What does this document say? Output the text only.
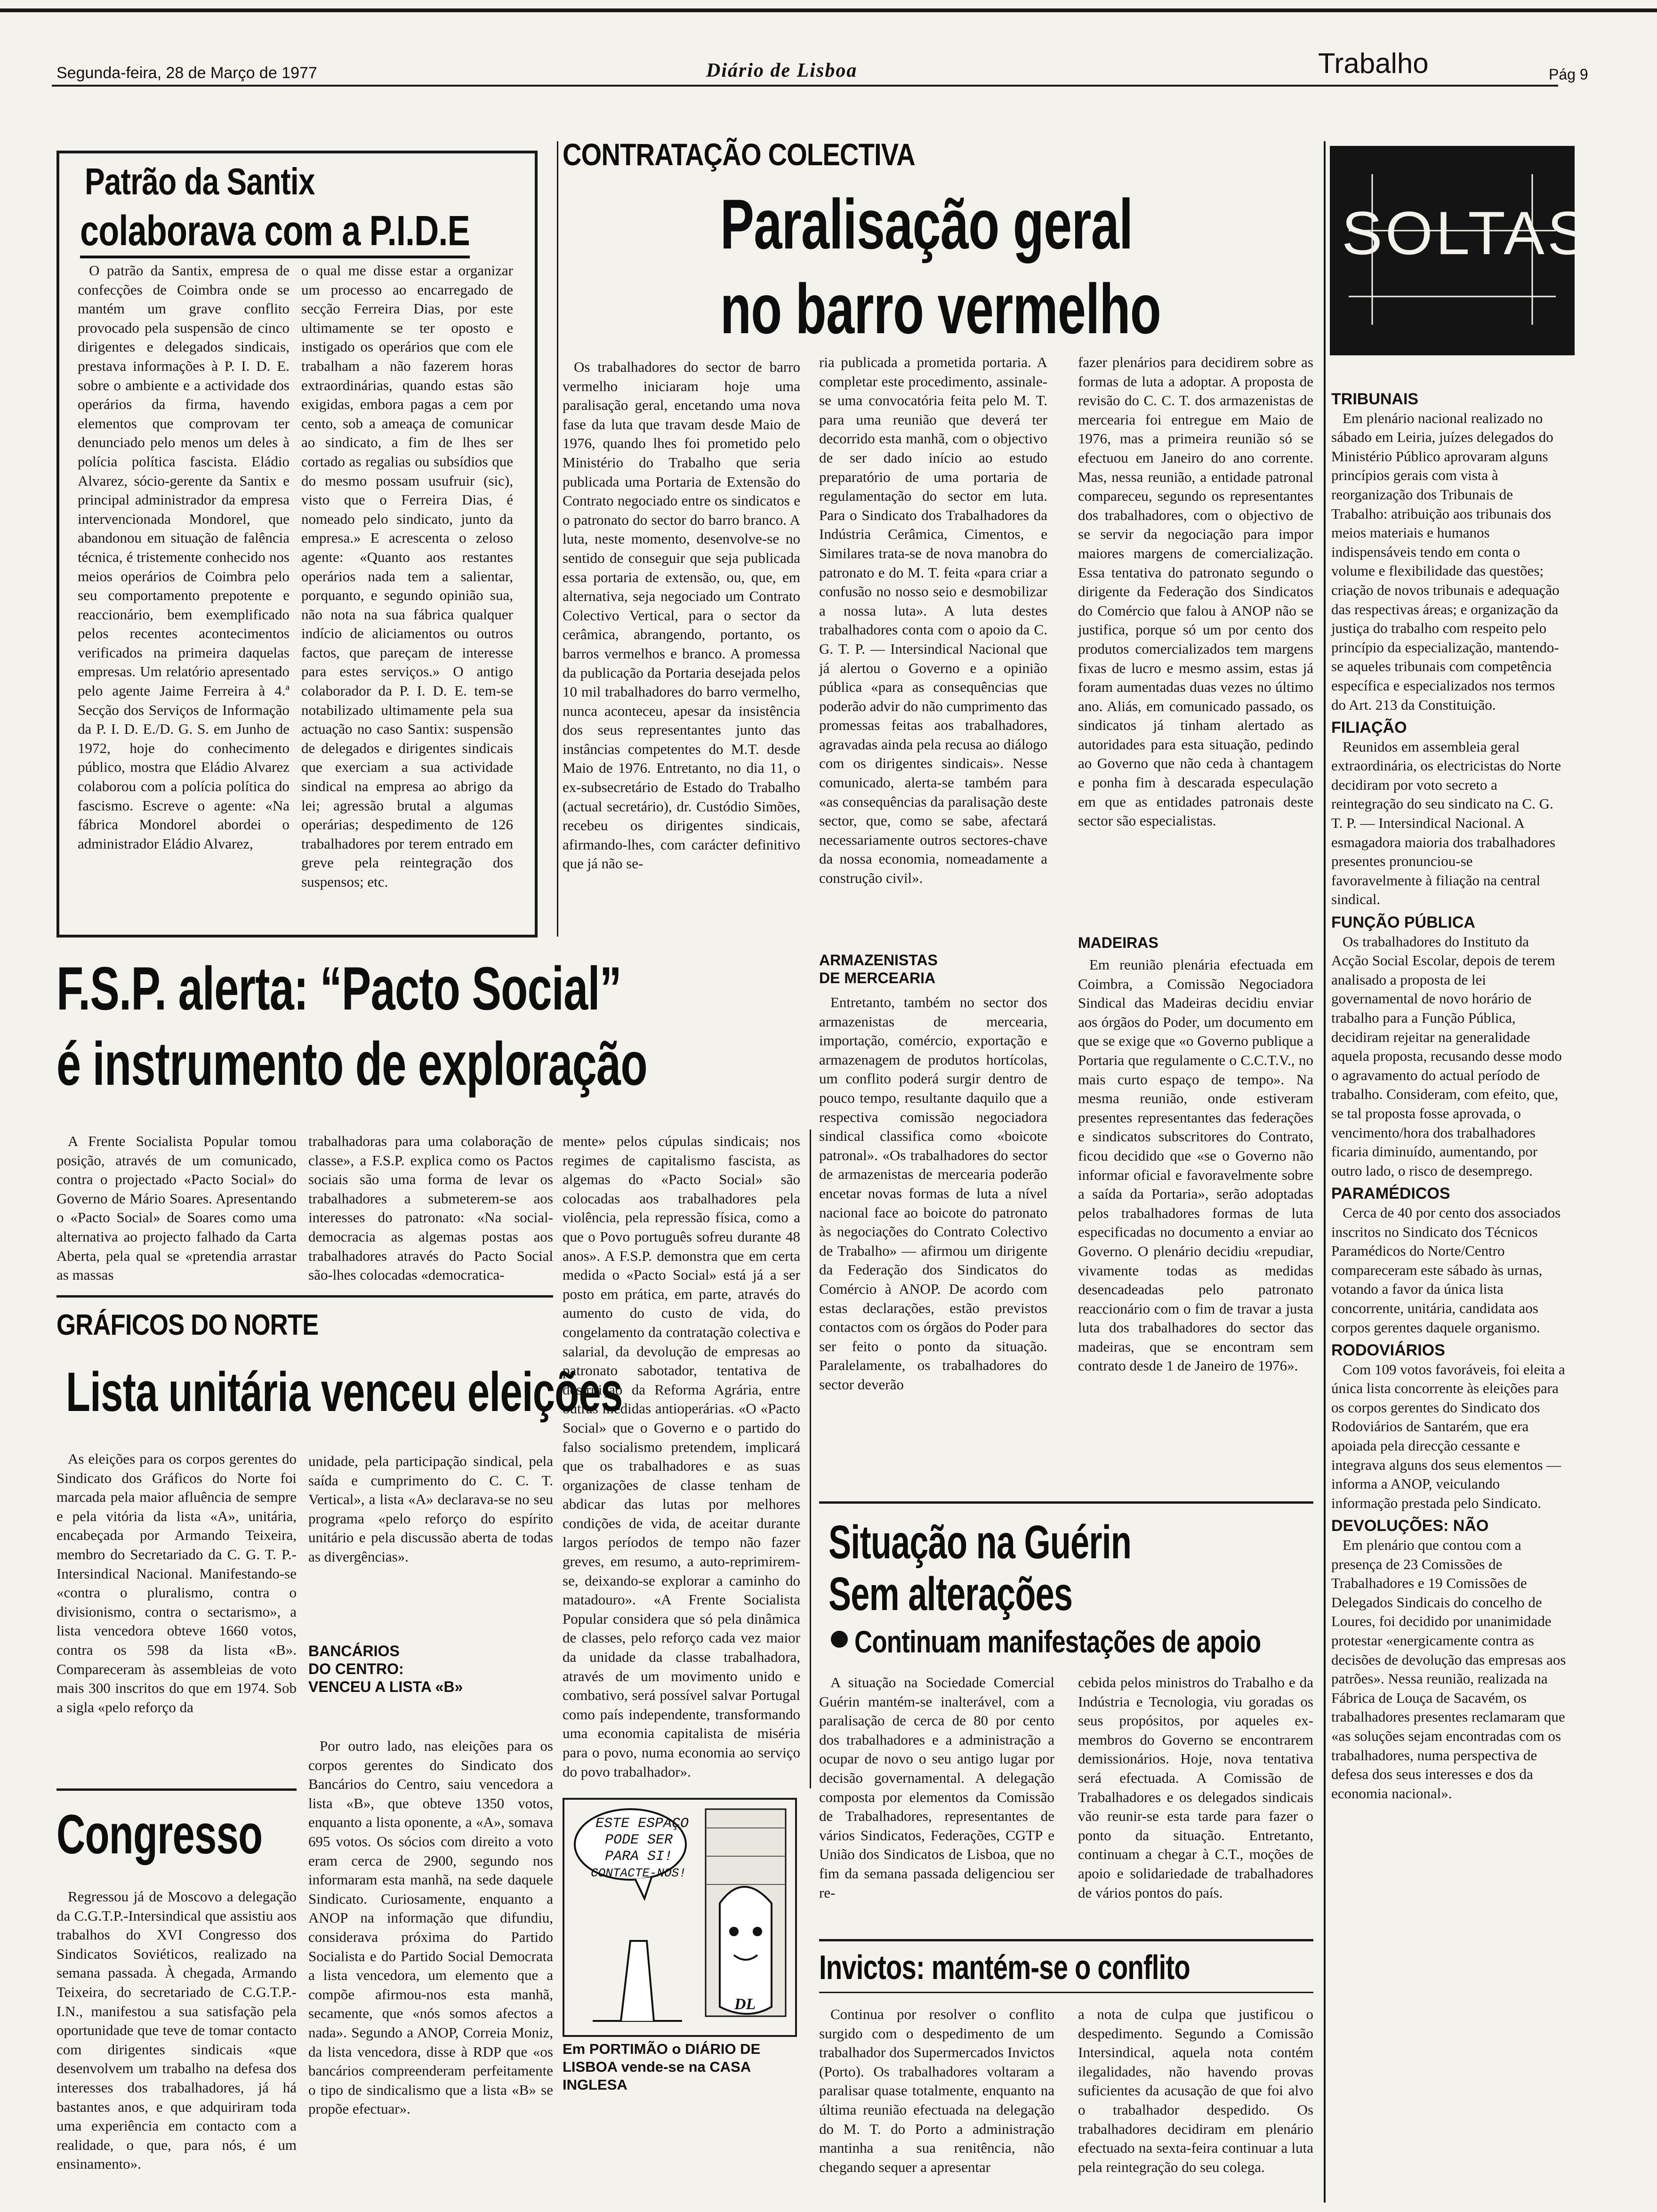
Segunda-feira, 28 de Março de 1977	Diário de Lisboa	Trabalho	Pág 9
Patrão da Santix
colaborava com a P.I.D.E
O patrão da Santix, empresa de confecções de Coimbra onde se mantém um grave conflito provocado pela suspensão de cinco dirigentes e delegados sindicais, prestava informações à P. I. D. E. sobre o ambiente e a actividade dos operários da firma, havendo elementos que comprovam ter denunciado pelo menos um deles à polícia política fascista. Eládio Alvarez, sócio-gerente da Santix e principal administrador da empresa intervencionada Mondorel, que abandonou em situação de falência técnica, é tristemente conhecido nos meios operários de Coimbra pelo seu comportamento prepotente e reaccionário, bem exemplificado pelos recentes acontecimentos verificados na primeira daquelas empresas. Um relatório apresentado pelo agente Jaime Ferreira à 4.ª Secção dos Serviços de Informação da P. I. D. E./D. G. S. em Junho de 1972, hoje do conhecimento público, mostra que Eládio Alvarez colaborou com a polícia política do fascismo. Escreve o agente: «Na fábrica Mondorel abordei o administrador Eládio Alvarez,
o qual me disse estar a organizar um processo ao encarregado de secção Ferreira Dias, por este ultimamente se ter oposto e instigado os operários que com ele trabalham a não fazerem horas extraordinárias, quando estas são exigidas, embora pagas a cem por cento, sob a ameaça de comunicar ao sindicato, a fim de lhes ser cortado as regalias ou subsídios que do mesmo possam usufruir (sic), visto que o Ferreira Dias, é nomeado pelo sindicato, junto da empresa.» E acrescenta o zeloso agente: «Quanto aos restantes operários nada tem a salientar, porquanto, e segundo opinião sua, não nota na sua fábrica qualquer indício de aliciamentos ou outros factos, que pareçam de interesse para estes serviços.» O antigo colaborador da P. I. D. E. tem-se notabilizado ultimamente pela sua actuação no caso Santix: suspensão de delegados e dirigentes sindicais que exerciam a sua actividade sindical na empresa ao abrigo da lei; agressão brutal a algumas operárias; despedimento de 126 trabalhadores por terem entrado em greve pela reintegração dos suspensos; etc.
CONTRATAÇÃO COLECTIVA
Paralisação geral
no barro vermelho
Os trabalhadores do sector de barro vermelho iniciaram hoje uma paralisação geral, encetando uma nova fase da luta que travam desde Maio de 1976, quando lhes foi prometido pelo Ministério do Trabalho que seria publicada uma Portaria de Extensão do Contrato negociado entre os sindicatos e o patronato do sector do barro branco. A luta, neste momento, desenvolve-se no sentido de conseguir que seja publicada essa portaria de extensão, ou, que, em alternativa, seja negociado um Contrato Colectivo Vertical, para o sector da cerâmica, abrangendo, portanto, os barros vermelhos e branco. A promessa da publicação da Portaria desejada pelos 10 mil trabalhadores do barro vermelho, nunca aconteceu, apesar da insistência dos seus representantes junto das instâncias competentes do M.T. desde Maio de 1976. Entretanto, no dia 11, o ex-subsecretário de Estado do Trabalho (actual secretário), dr. Custódio Simões, recebeu os dirigentes sindicais, afirmando-lhes, com carácter definitivo que já não se-
ria publicada a prometida portaria. A completar este procedimento, assinale-se uma convocatória feita pelo M. T. para uma reunião que deverá ter decorrido esta manhã, com o objectivo de ser dado início ao estudo preparatório de uma portaria de regulamentação do sector em luta. Para o Sindicato dos Trabalhadores da Indústria Cerâmica, Cimentos, e Similares trata-se de nova manobra do patronato e do M. T. feita «para criar a confusão no nosso seio e desmobilizar a nossa luta». A luta destes trabalhadores conta com o apoio da C. G. T. P. — Intersindical Nacional que já alertou o Governo e a opinião pública «para as consequências que poderão advir do não cumprimento das promessas feitas aos trabalhadores, agravadas ainda pela recusa ao diálogo com os dirigentes sindicais». Nesse comunicado, alerta-se também para «as consequências da paralisação deste sector, que, como se sabe, afectará necessariamente outros sectores-chave da nossa economia, nomeadamente a construção civil».
ARMAZENISTAS
DE MERCEARIA
Entretanto, também no sector dos armazenistas de mercearia, importação, comércio, exportação e armazenagem de produtos hortícolas, um conflito poderá surgir dentro de pouco tempo, resultante daquilo que a respectiva comissão negociadora sindical classifica como «boicote patronal». «Os trabalhadores do sector de armazenistas de mercearia poderão encetar novas formas de luta a nível nacional face ao boicote do patronato às negociações do Contrato Colectivo de Trabalho» — afirmou um dirigente da Federação dos Sindicatos do Comércio à ANOP. De acordo com estas declarações, estão previstos contactos com os órgãos do Poder para ser feito o ponto da situação. Paralelamente, os trabalhadores do sector deverão
fazer plenários para decidirem sobre as formas de luta a adoptar. A proposta de revisão do C. C. T. dos armazenistas de mercearia foi entregue em Maio de 1976, mas a primeira reunião só se efectuou em Janeiro do ano corrente. Mas, nessa reunião, a entidade patronal compareceu, segundo os representantes dos trabalhadores, com o objectivo de se servir da negociação para impor maiores margens de comercialização. Essa tentativa do patronato segundo o dirigente da Federação dos Sindicatos do Comércio que falou à ANOP não se justifica, porque só um por cento dos produtos comercializados tem margens fixas de lucro e mesmo assim, estas já foram aumentadas duas vezes no último ano. Aliás, em comunicado passado, os sindicatos já tinham alertado as autoridades para esta situação, pedindo ao Governo que não ceda à chantagem e ponha fim à descarada especulação em que as entidades patronais deste sector são especialistas.
MADEIRAS
Em reunião plenária efectuada em Coimbra, a Comissão Negociadora Sindical das Madeiras decidiu enviar aos órgãos do Poder, um documento em que se exige que «o Governo publique a Portaria que regulamente o C.C.T.V., no mais curto espaço de tempo». Na mesma reunião, onde estiveram presentes representantes das federações e sindicatos subscritores do Contrato, ficou decidido que «se o Governo não informar oficial e favoravelmente sobre a saída da Portaria», serão adoptadas pelos trabalhadores formas de luta especificadas no documento a enviar ao Governo. O plenário decidiu «repudiar, vivamente todas as medidas desencadeadas pelo patronato reaccionário com o fim de travar a justa luta dos trabalhadores do sector das madeiras, que se encontram sem contrato desde 1 de Janeiro de 1976».
F.S.P. alerta: “Pacto Social”
é instrumento de exploração
A Frente Socialista Popular tomou posição, através de um comunicado, contra o projectado «Pacto Social» do Governo de Mário Soares. Apresentando o «Pacto Social» de Soares como uma alternativa ao projecto falhado da Carta Aberta, pela qual se «pretendia arrastar as massas
trabalhadoras para uma colaboração de classe», a F.S.P. explica como os Pactos sociais são uma forma de levar os trabalhadores a submeterem-se aos interesses do patronato: «Na social-democracia as algemas postas aos trabalhadores através do Pacto Social são-lhes colocadas «democratica-
mente» pelos cúpulas sindicais; nos regimes de capitalismo fascista, as algemas do «Pacto Social» são colocadas aos trabalhadores pela violência, pela repressão física, como a que o Povo português sofreu durante 48 anos». A F.S.P. demonstra que em certa medida o «Pacto Social» está já a ser posto em prática, em parte, através do aumento do custo de vida, do congelamento da contratação colectiva e salarial, da devolução de empresas ao patronato sabotador, tentativa de destruição da Reforma Agrária, entre outras medidas antioperárias. «O «Pacto Social» que o Governo e o partido do falso socialismo pretendem, implicará que os trabalhadores e as suas organizações de classe tenham de abdicar das lutas por melhores condições de vida, de aceitar durante largos períodos de tempo não fazer greves, em resumo, a auto-reprimirem-se, deixando-se explorar a caminho do matadouro». «A Frente Socialista Popular considera que só pela dinâmica de classes, pelo reforço cada vez maior da unidade da classe trabalhadora, através de um movimento unido e combativo, será possível salvar Portugal como país independente, transformando uma economia capitalista de miséria para o povo, numa economia ao serviço do povo trabalhador».
GRÁFICOS DO NORTE
Lista unitária venceu eleições
As eleições para os corpos gerentes do Sindicato dos Gráficos do Norte foi marcada pela maior afluência de sempre e pela vitória da lista «A», unitária, encabeçada por Armando Teixeira, membro do Secretariado da C. G. T. P.-Intersindical Nacional. Manifestando-se «contra o pluralismo, contra o divisionismo, contra o sectarismo», a lista vencedora obteve 1660 votos, contra os 598 da lista «B». Compareceram às assembleias de voto mais 300 inscritos do que em 1974. Sob a sigla «pelo reforço da
unidade, pela participação sindical, pela saída e cumprimento do C. C. T. Vertical», a lista «A» declarava-se no seu programa «pelo reforço do espírito unitário e pela discussão aberta de todas as divergências».
BANCÁRIOS
DO CENTRO:
VENCEU A LISTA «B»
Por outro lado, nas eleições para os corpos gerentes do Sindicato dos Bancários do Centro, saiu vencedora a lista «B», que obteve 1350 votos, enquanto a lista oponente, a «A», somava 695 votos. Os sócios com direito a voto eram cerca de 2900, segundo nos informaram esta manhã, na sede daquele Sindicato. Curiosamente, enquanto a ANOP na informação que difundiu, considerava próxima do Partido Socialista e do Partido Social Democrata a lista vencedora, um elemento que a compõe afirmou-nos esta manhã, secamente, que «nós somos afectos a nada». Segundo a ANOP, Correia Moniz, da lista vencedora, disse à RDP que «os bancários compreenderam perfeitamente o tipo de sindicalismo que a lista «B» se propõe efectuar».
Congresso
Regressou já de Moscovo a delegação da C.G.T.P.-Intersindical que assistiu aos trabalhos do XVI Congresso dos Sindicatos Soviéticos, realizado na semana passada. À chegada, Armando Teixeira, do secretariado de C.G.T.P.-I.N., manifestou a sua satisfação pela oportunidade que teve de tomar contacto com dirigentes sindicais «que desenvolvem um trabalho na defesa dos interesses dos trabalhadores, já há bastantes anos, e que adquiriram toda uma experiência em contacto com a realidade, o que, para nós, é um ensinamento».
ESTE ESPAÇO
PODE SER
PARA SI!
CONTACTE-NOS!
DL
Em PORTIMÃO o DIÁRIO DE LISBOA vende-se na CASA INGLESA
Situação na Guérin
Sem alterações
Continuam manifestações de apoio
A situação na Sociedade Comercial Guérin mantém-se inalterável, com a paralisação de cerca de 80 por cento dos trabalhadores e a administração a ocupar de novo o seu antigo lugar por decisão governamental. A delegação composta por elementos da Comissão de Trabalhadores, representantes de vários Sindicatos, Federações, CGTP e União dos Sindicatos de Lisboa, que no fim da semana passada deligenciou ser re-
cebida pelos ministros do Trabalho e da Indústria e Tecnologia, viu goradas os seus propósitos, por aqueles ex-membros do Governo se encontrarem demissionários. Hoje, nova tentativa será efectuada. A Comissão de Trabalhadores e os delegados sindicais vão reunir-se esta tarde para fazer o ponto da situação. Entretanto, continuam a chegar à C.T., moções de apoio e solidariedade de trabalhadores de vários pontos do país.
Invictos: mantém-se o conflito
Continua por resolver o conflito surgido com o despedimento de um trabalhador dos Supermercados Invictos (Porto). Os trabalhadores voltaram a paralisar quase totalmente, enquanto na última reunião efectuada na delegação do M. T. do Porto a administração mantinha a sua renitência, não chegando sequer a apresentar
a nota de culpa que justificou o despedimento. Segundo a Comissão Intersindical, aquela nota contém ilegalidades, não havendo provas suficientes da acusação de que foi alvo o trabalhador despedido. Os trabalhadores decidiram em plenário efectuado na sexta-feira continuar a luta pela reintegração do seu colega.
SOLTAS
TRIBUNAIS
Em plenário nacional realizado no sábado em Leiria, juízes delegados do Ministério Público aprovaram alguns princípios gerais com vista à reorganização dos Tribunais de Trabalho: atribuição aos tribunais dos meios materiais e humanos indispensáveis tendo em conta o volume e flexibilidade das questões; criação de novos tribunais e adequação das respectivas áreas; e organização da justiça do trabalho com respeito pelo princípio da especialização, mantendo-se aqueles tribunais com competência específica e especializados nos termos do Art. 213 da Constituição.
FILIAÇÃO
Reunidos em assembleia geral extraordinária, os electricistas do Norte decidiram por voto secreto a reintegração do seu sindicato na C. G. T. P. — Intersindical Nacional. A esmagadora maioria dos trabalhadores presentes pronunciou-se favoravelmente à filiação na central sindical.
FUNÇÃO PÚBLICA
Os trabalhadores do Instituto da Acção Social Escolar, depois de terem analisado a proposta de lei governamental de novo horário de trabalho para a Função Pública, decidiram rejeitar na generalidade aquela proposta, recusando desse modo o agravamento do actual período de trabalho. Consideram, com efeito, que, se tal proposta fosse aprovada, o vencimento/hora dos trabalhadores ficaria diminuído, aumentando, por outro lado, o risco de desemprego.
PARAMÉDICOS
Cerca de 40 por cento dos associados inscritos no Sindicato dos Técnicos Paramédicos do Norte/Centro compareceram este sábado às urnas, votando a favor da única lista concorrente, unitária, candidata aos corpos gerentes daquele organismo.
RODOVIÁRIOS
Com 109 votos favoráveis, foi eleita a única lista concorrente às eleições para os corpos gerentes do Sindicato dos Rodoviários de Santarém, que era apoiada pela direcção cessante e integrava alguns dos seus elementos — informa a ANOP, veiculando informação prestada pelo Sindicato.
DEVOLUÇÕES: NÃO
Em plenário que contou com a presença de 23 Comissões de Trabalhadores e 19 Comissões de Delegados Sindicais do concelho de Loures, foi decidido por unanimidade protestar «energicamente contra as decisões de devolução das empresas aos patrões». Nessa reunião, realizada na Fábrica de Louça de Sacavém, os trabalhadores presentes reclamaram que «as soluções sejam encontradas com os trabalhadores, numa perspectiva de defesa dos seus interesses e dos da economia nacional».
